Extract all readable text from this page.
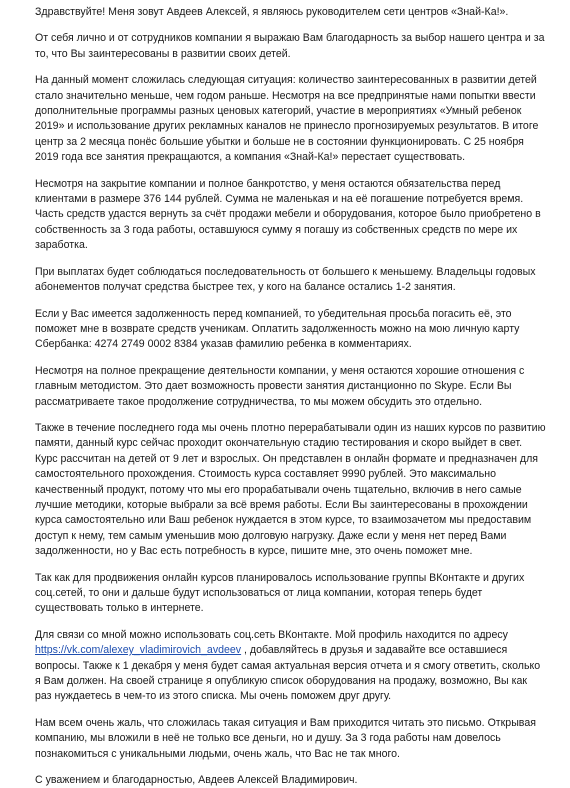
Здравствуйте! Меня зовут Авдеев Алексей, я являюсь руководителем сети центров «Знай-Ка!».

От себя лично и от сотрудников компании я выражаю Вам благодарность за выбор нашего центра и за то, что Вы заинтересованы в развитии своих детей.

На данный момент сложилась следующая ситуация: количество заинтересованных в развитии детей стало значительно меньше, чем годом раньше. Несмотря на все предпринятые нами попытки ввести дополнительные программы разных ценовых категорий, участие в мероприятиях «Умный ребенок 2019» и использование других рекламных каналов не принесло прогнозируемых результатов. В итоге центр за 2 месяца понёс большие убытки и больше не в состоянии функционировать. С 25 ноября 2019 года все занятия прекращаются, а компания «Знай-Ка!» перестает существовать.

Несмотря на закрытие компании и полное банкротство, у меня остаются обязательства перед клиентами в размере 376 144 рублей. Сумма не маленькая и на её погашение потребуется время. Часть средств удастся вернуть за счёт продажи мебели и оборудования, которое было приобретено в собственность за 3 года работы, оставшуюся сумму я погашу из собственных средств по мере их заработка.

При выплатах будет соблюдаться последовательность от большего к меньшему. Владельцы годовых абонементов получат средства быстрее тех, у кого на балансе остались 1-2 занятия.

Если у Вас имеется задолженность перед компанией, то убедительная просьба погасить её, это поможет мне в возврате средств ученикам. Оплатить задолженность можно на мою личную карту Сбербанка: 4274 2749 0002 8384 указав фамилию ребенка в комментариях.

Несмотря на полное прекращение деятельности компании, у меня остаются хорошие отношения с главным методистом. Это дает возможность провести занятия дистанционно по Skype. Если Вы рассматриваете такое продолжение сотрудничества, то мы можем обсудить это отдельно.

Также в течение последнего года мы очень плотно перерабатывали один из наших курсов по развитию памяти, данный курс сейчас проходит окончательную стадию тестирования и скоро выйдет в свет. Курс рассчитан на детей от 9 лет и взрослых. Он представлен в онлайн формате и предназначен для самостоятельного прохождения. Стоимость курса составляет 9990 рублей. Это максимально качественный продукт, потому что мы его прорабатывали очень тщательно, включив в него самые лучшие методики, которые выбрали за всё время работы. Если Вы заинтересованы в прохождении курса самостоятельно или Ваш ребенок нуждается в этом курсе, то взаимозачетом мы предоставим доступ к нему, тем самым уменьшив мою долговую нагрузку. Даже если у меня нет перед Вами задолженности, но у Вас есть потребность в курсе, пишите мне, это очень поможет мне.

Так как для продвижения онлайн курсов планировалось использование группы ВКонтакте и других соц.сетей, то они и дальше будут использоваться от лица компании, которая теперь будет существовать только в интернете.

Для связи со мной можно использовать соц.сеть ВКонтакте. Мой профиль находится по адресу https://vk.com/alexey_vladimirovich_avdeev , добавляйтесь в друзья и задавайте все оставшиеся вопросы. Также к 1 декабря у меня будет самая актуальная версия отчета и я смогу ответить, сколько я Вам должен. На своей странице я опубликую список оборудования на продажу, возможно, Вы как раз нуждаетесь в чем-то из этого списка. Мы очень поможем друг другу.

Нам всем очень жаль, что сложилась такая ситуация и Вам приходится читать это письмо. Открывая компанию, мы вложили в неё не только все деньги, но и душу. За 3 года работы нам довелось познакомиться с уникальными людьми, очень жаль, что Вас не так много.

С уважением и благодарностью, Авдеев Алексей Владимирович.
